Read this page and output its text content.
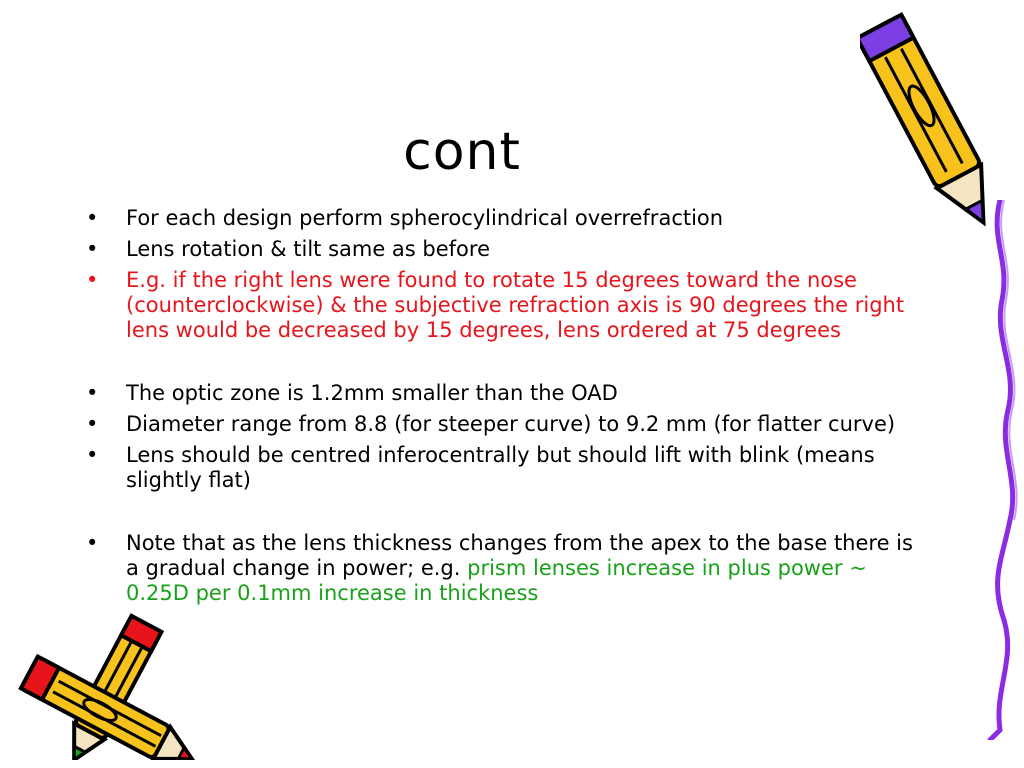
cont
• For each design perform spherocylindrical overrefraction
• Lens rotation & tilt same as before
• E.g. if the right lens were found to rotate 15 degrees toward the nose (counterclockwise) & the subjective refraction axis is 90 degrees the right lens would be decreased by 15 degrees, lens ordered at 75 degrees
• The optic zone is 1.2mm smaller than the OAD
• Diameter range from 8.8 (for steeper curve) to 9.2 mm (for flatter curve)
• Lens should be centred inferocentrally but should lift with blink (means slightly flat)
• Note that as the lens thickness changes from the apex to the base there is a gradual change in power; e.g. prism lenses increase in plus power ~ 0.25D per 0.1mm increase in thickness
